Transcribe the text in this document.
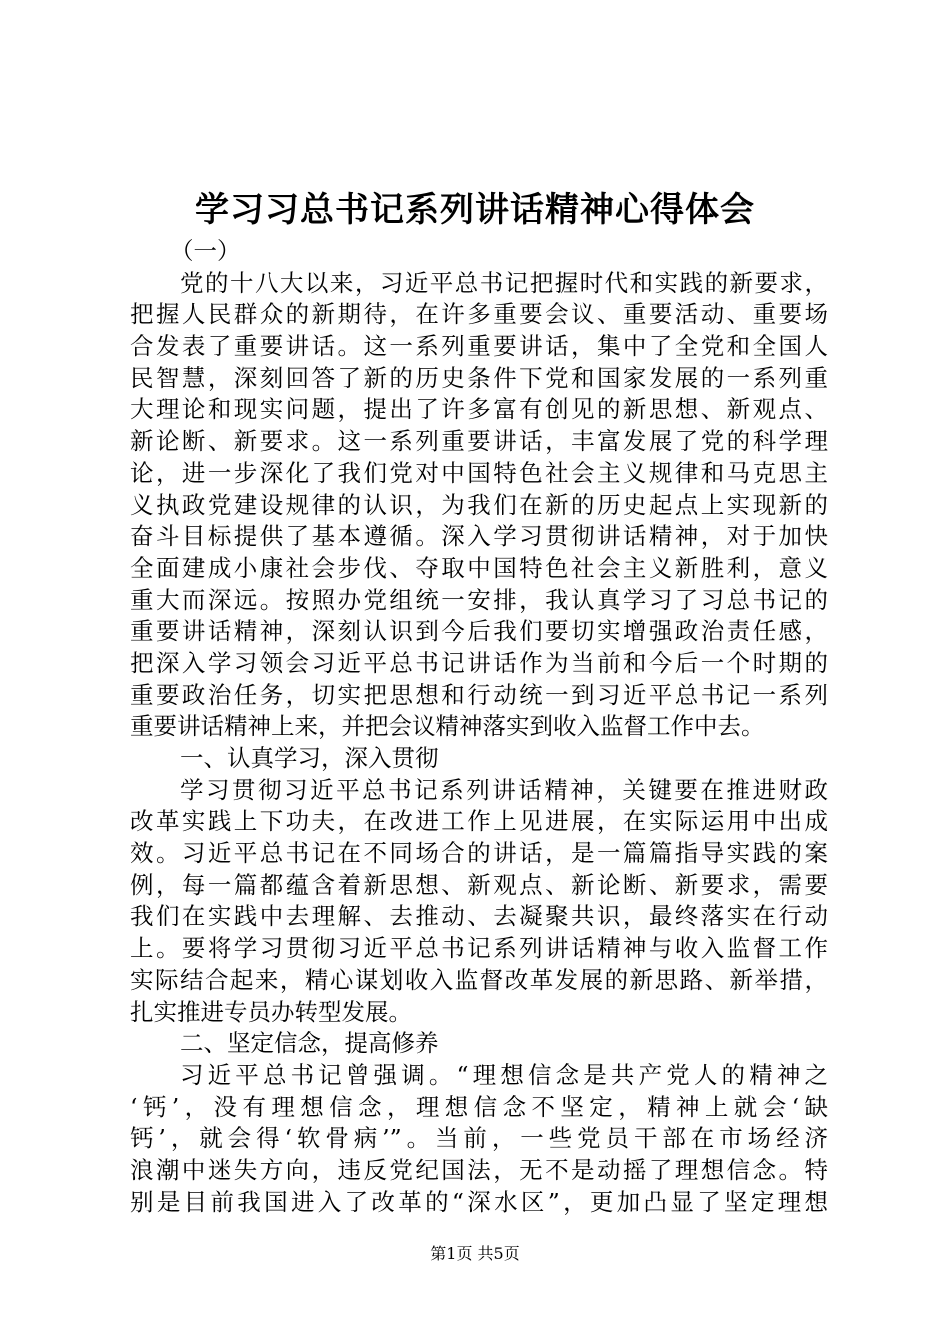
学习习总书记系列讲话精神心得体会
（一）
党的十八大以来，习近平总书记把握时代和实践的新要求，
把握人民群众的新期待，在许多重要会议、重要活动、重要场
合发表了重要讲话。这一系列重要讲话，集中了全党和全国人
民智慧，深刻回答了新的历史条件下党和国家发展的一系列重
大理论和现实问题，提出了许多富有创见的新思想、新观点、
新论断、新要求。这一系列重要讲话，丰富发展了党的科学理
论，进一步深化了我们党对中国特色社会主义规律和马克思主
义执政党建设规律的认识，为我们在新的历史起点上实现新的
奋斗目标提供了基本遵循。深入学习贯彻讲话精神，对于加快
全面建成小康社会步伐、夺取中国特色社会主义新胜利，意义
重大而深远。按照办党组统一安排，我认真学习了习总书记的
重要讲话精神，深刻认识到今后我们要切实增强政治责任感，
把深入学习领会习近平总书记讲话作为当前和今后一个时期的
重要政治任务，切实把思想和行动统一到习近平总书记一系列
重要讲话精神上来，并把会议精神落实到收入监督工作中去。
一、认真学习，深入贯彻
学习贯彻习近平总书记系列讲话精神，关键要在推进财政
改革实践上下功夫，在改进工作上见进展，在实际运用中出成
效。习近平总书记在不同场合的讲话，是一篇篇指导实践的案
例，每一篇都蕴含着新思想、新观点、新论断、新要求，需要
我们在实践中去理解、去推动、去凝聚共识，最终落实在行动
上。要将学习贯彻习近平总书记系列讲话精神与收入监督工作
实际结合起来，精心谋划收入监督改革发展的新思路、新举措，
扎实推进专员办转型发展。
二、坚定信念，提高修养
习近平总书记曾强调。“理想信念是共产党人的精神之
‘钙’，没有理想信念，理想信念不坚定，精神上就会‘缺
钙’，就会得‘软骨病’”。当前，一些党员干部在市场经济
浪潮中迷失方向，违反党纪国法，无不是动摇了理想信念。特
别是目前我国进入了改革的“深水区”，更加凸显了坚定理想
第1页 共5页
